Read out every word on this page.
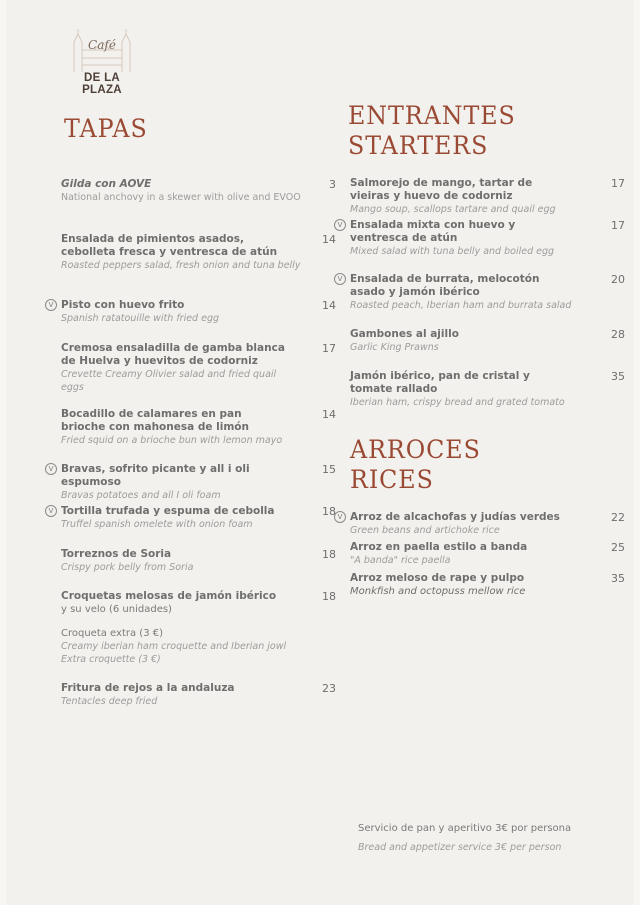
Café
DE LA PLAZA
TAPAS
Gilda con AOVE
National anchovy in a skewer with olive and EVOO
3
Ensalada de pimientos asados, cebolleta fresca y ventresca de atún
Roasted peppers salad, fresh onion and tuna belly
14
V Pisto con huevo frito
Spanish ratatouille with fried egg
14
Cremosa ensaladilla de gamba blanca de Huelva y huevitos de codorniz
Crevette Creamy Olivier salad and fried quail eggs
17
Bocadillo de calamares en pan brioche con mahonesa de limón
Fried squid on a brioche bun with lemon mayo
14
V Bravas, sofrito picante y all i oli espumoso
Bravas potatoes and all I oli foam
15
V Tortilla trufada y espuma de cebolla
Truffel spanish omelete with onion foam
18
Torreznos de Soria
Crispy pork belly from Soria
18
Croquetas melosas de jamón ibérico
y su velo (6 unidades)
18
Croqueta extra (3 €)
Creamy iberian ham croquette and Iberian jowl
Extra croquette (3 €)
Fritura de rejos a la andaluza
Tentacles deep fried
23
ENTRANTES
STARTERS
Salmorejo de mango, tartar de vieiras y huevo de codorniz
Mango soup, scallops tartare and quail egg
17
V Ensalada mixta con huevo y ventresca de atún
Mixed salad with tuna belly and boiled egg
17
V Ensalada de burrata, melocotón asado y jamón ibérico
Roasted peach, Iberian ham and burrata salad
20
Gambones al ajillo
Garlic King Prawns
28
Jamón ibérico, pan de cristal y tomate rallado
Iberian ham, crispy bread and grated tomato
35
ARROCES
RICES
V Arroz de alcachofas y judías verdes
Green beans and artichoke rice
22
Arroz en paella estilo a banda
"A banda" rice paella
25
Arroz meloso de rape y pulpo
Monkfish and octopuss mellow rice
35
Servicio de pan y aperitivo 3€ por persona
Bread and appetizer service 3€ per person
